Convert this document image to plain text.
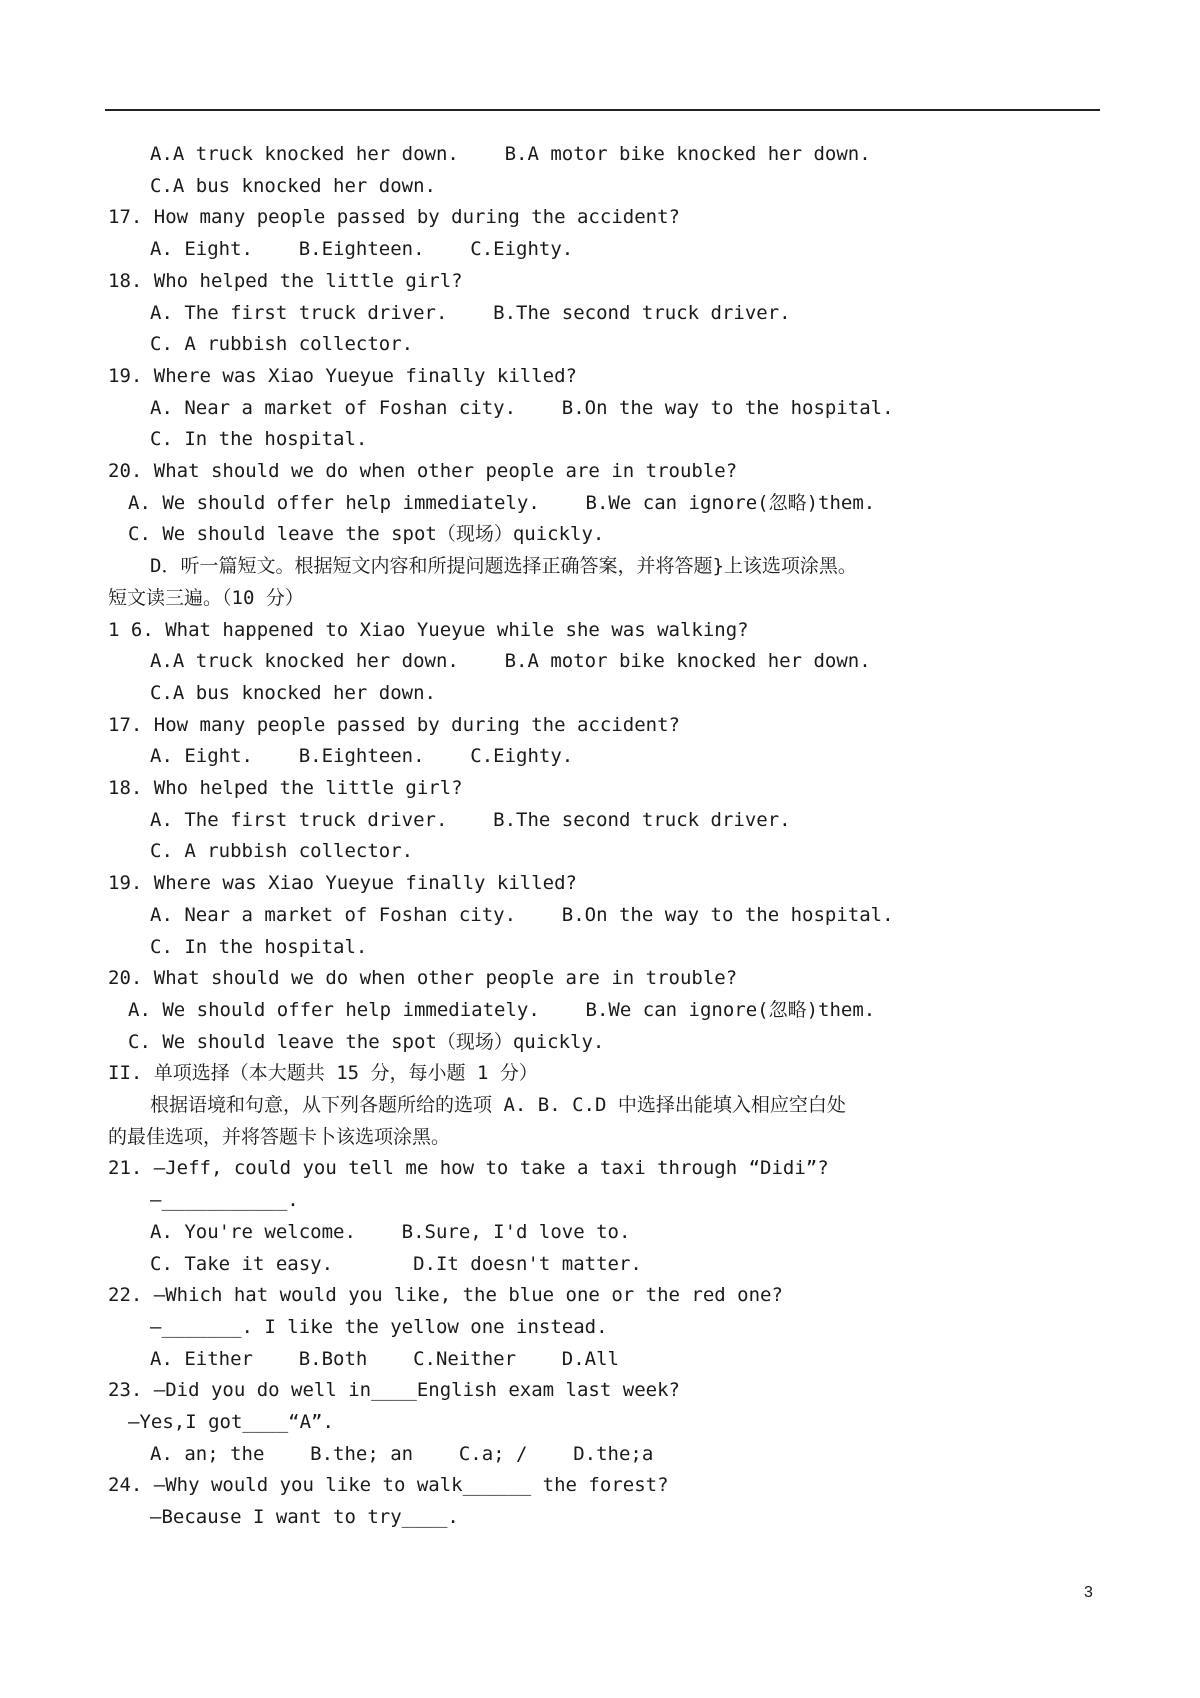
A.A truck knocked her down.    B.A motor bike knocked her down.
C.A bus knocked her down.
17. How many people passed by during the accident?
A. Eight.    B.Eighteen.    C.Eighty.
18. Who helped the little girl?
A. The first truck driver.    B.The second truck driver.
C. A rubbish collector.
19. Where was Xiao Yueyue finally killed?
A. Near a market of Foshan city.    B.On the way to the hospital.
C. In the hospital.
20. What should we do when other people are in trouble?
A. We should offer help immediately.    B.We can ignore(忽略)them.
C. We should leave the spot（现场）quickly.
D．听一篇短文。根据短文内容和所提问题选择正确答案，并将答题}上该选项涂黑。
短文读三遍。（10 分）
1 6. What happened to Xiao Yueyue while she was walking?
A.A truck knocked her down.    B.A motor bike knocked her down.
C.A bus knocked her down.
17. How many people passed by during the accident?
A. Eight.    B.Eighteen.    C.Eighty.
18. Who helped the little girl?
A. The first truck driver.    B.The second truck driver.
C. A rubbish collector.
19. Where was Xiao Yueyue finally killed?
A. Near a market of Foshan city.    B.On the way to the hospital.
C. In the hospital.
20. What should we do when other people are in trouble?
A. We should offer help immediately.    B.We can ignore(忽略)them.
C. We should leave the spot（现场）quickly.
II. 单项选择（本大题共 15 分，每小题 1 分）
根据语境和句意，从下列各题所给的选项 A. B. C.D 中选择出能填入相应空白处
的最佳选项，并将答题卡卜该选项涂黑。
21. —Jeff, could you tell me how to take a taxi through “Didi”?
—___________.
A. You're welcome.    B.Sure, I'd love to.
C. Take it easy.       D.It doesn't matter.
22. —Which hat would you like, the blue one or the red one?
—_______. I like the yellow one instead.
A. Either    B.Both    C.Neither    D.All
23. —Did you do well in____English exam last week?
—Yes,I got____“A”.
A. an; the    B.the; an    C.a; /    D.the;a
24. —Why would you like to walk______ the forest?
—Because I want to try____.
3
